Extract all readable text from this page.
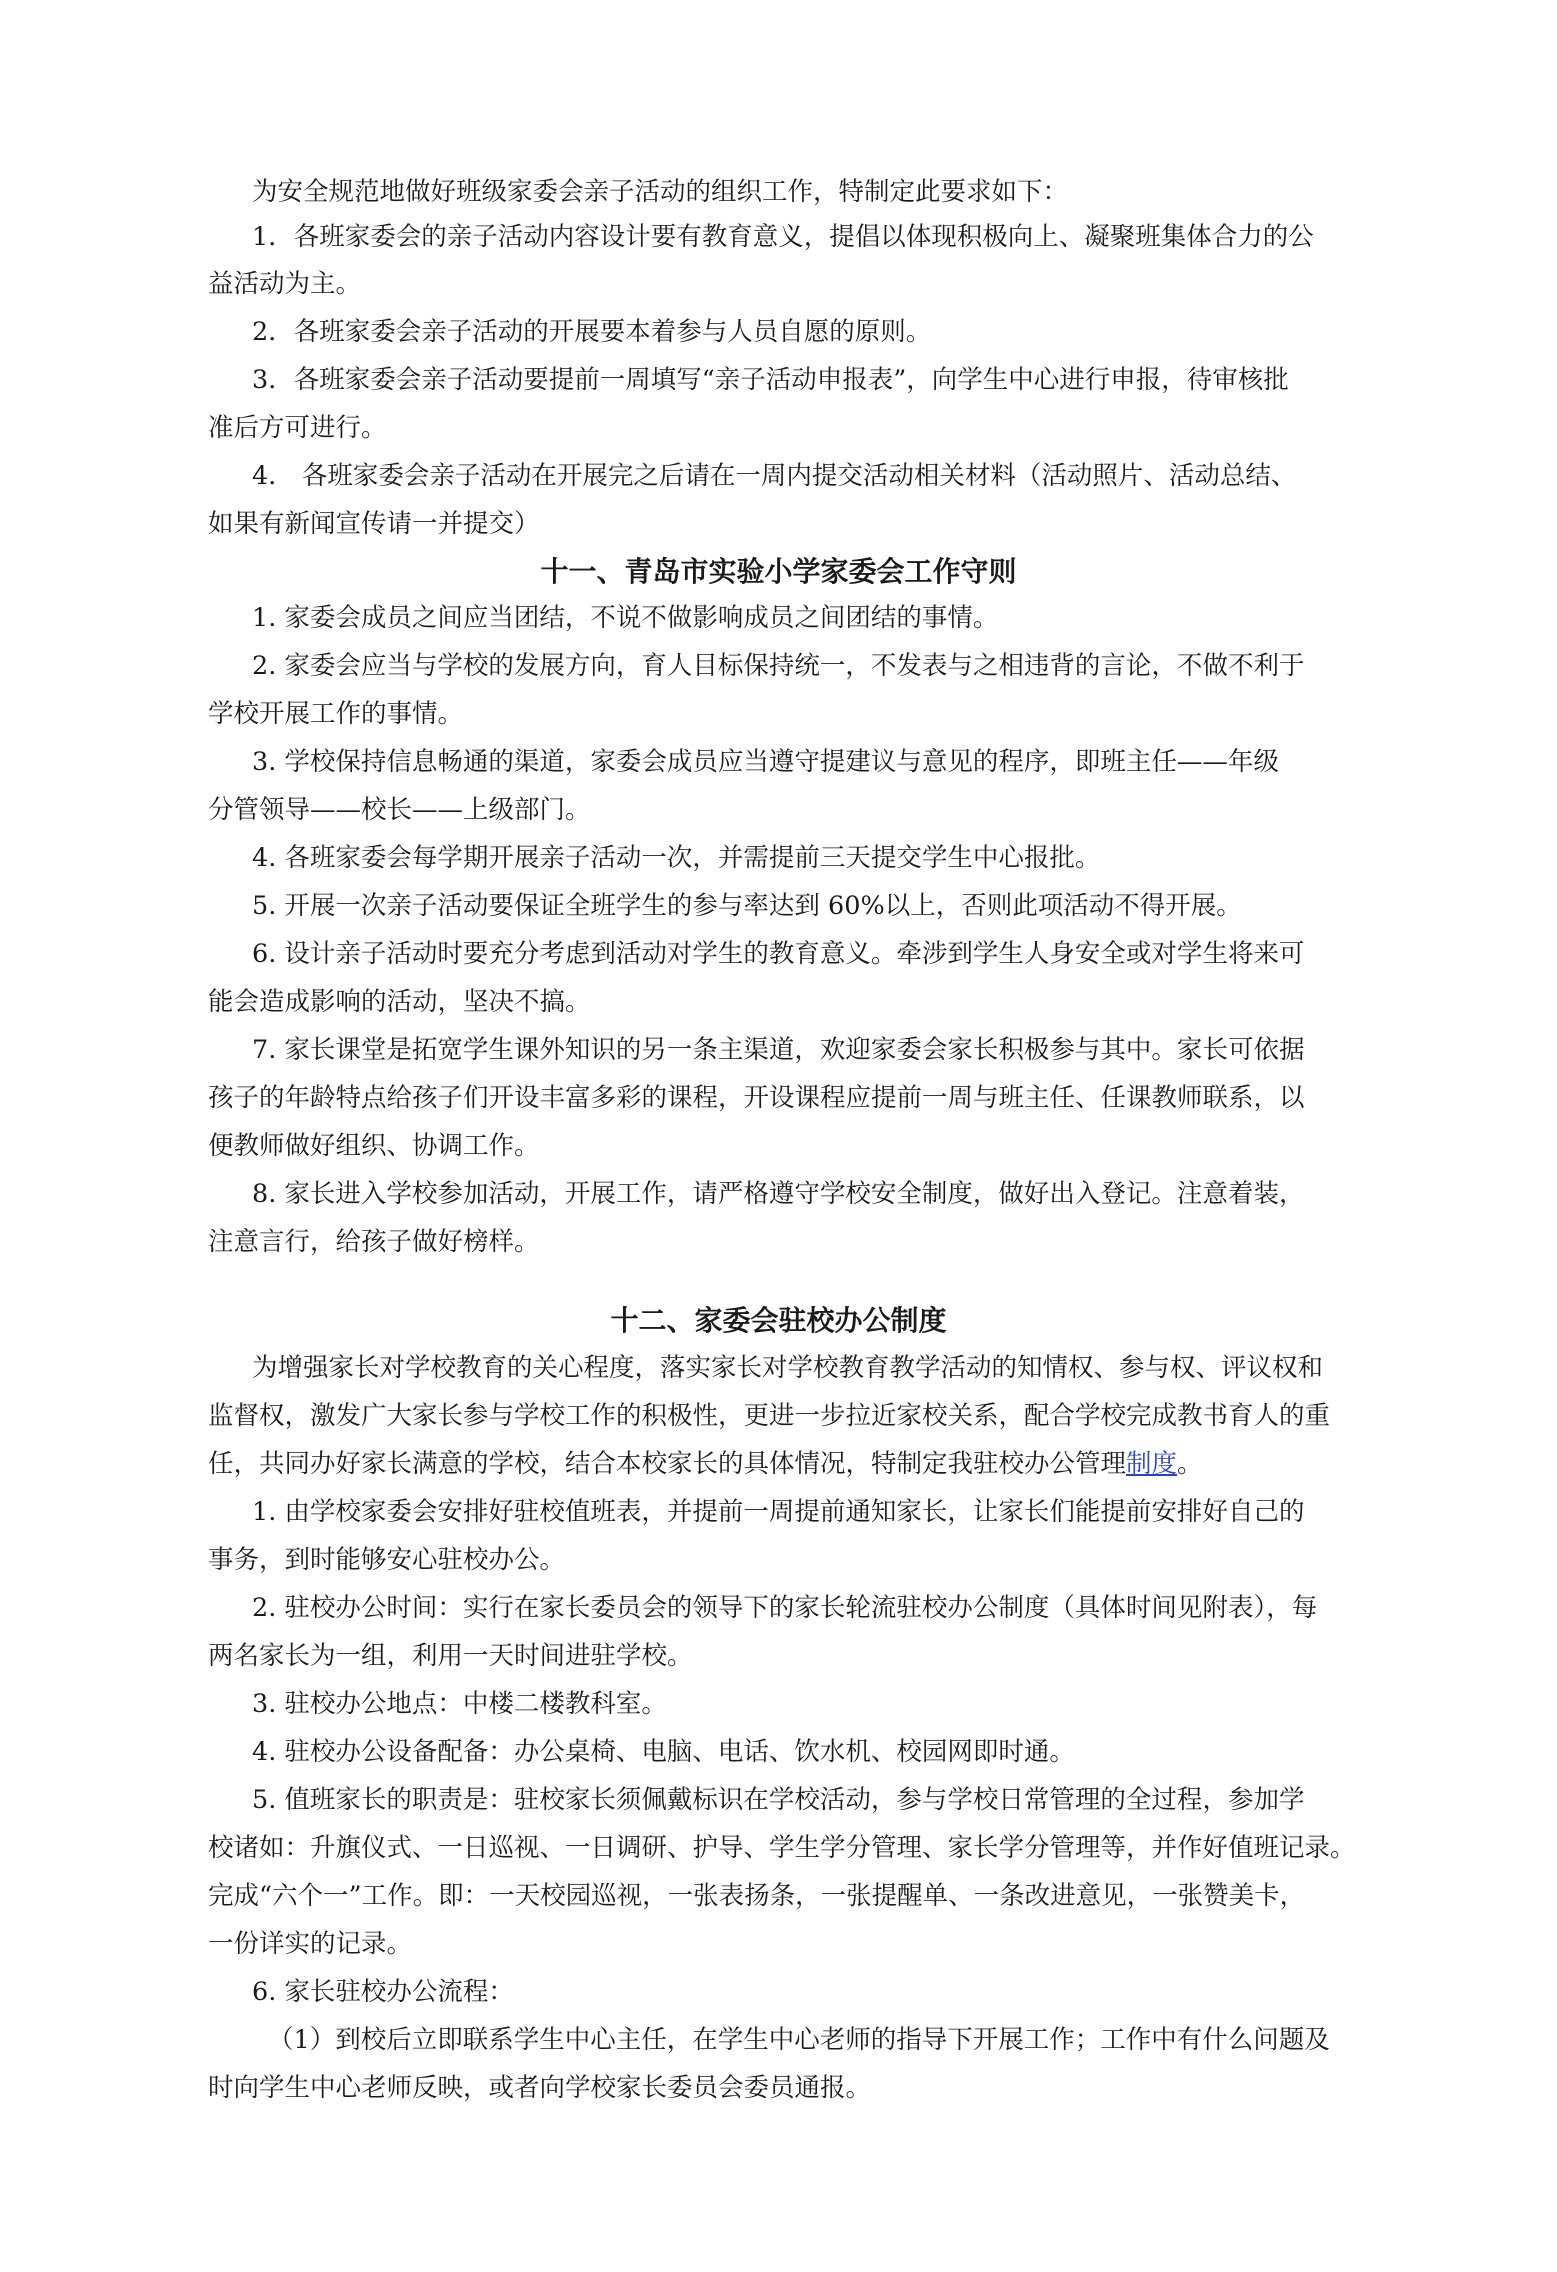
为安全规范地做好班级家委会亲子活动的组织工作，特制定此要求如下：
1．各班家委会的亲子活动内容设计要有教育意义，提倡以体现积极向上、凝聚班集体合力的公
益活动为主。
2．各班家委会亲子活动的开展要本着参与人员自愿的原则。
3．各班家委会亲子活动要提前一周填写“亲子活动申报表”，向学生中心进行申报，待审核批
准后方可进行。
4． 各班家委会亲子活动在开展完之后请在一周内提交活动相关材料（活动照片、活动总结、
如果有新闻宣传请一并提交）
十一、青岛市实验小学家委会工作守则
1. 家委会成员之间应当团结，不说不做影响成员之间团结的事情。
2. 家委会应当与学校的发展方向，育人目标保持统一，不发表与之相违背的言论，不做不利于
学校开展工作的事情。
3. 学校保持信息畅通的渠道，家委会成员应当遵守提建议与意见的程序，即班主任——年级
分管领导——校长——上级部门。
4. 各班家委会每学期开展亲子活动一次，并需提前三天提交学生中心报批。
5. 开展一次亲子活动要保证全班学生的参与率达到 60%以上，否则此项活动不得开展。
6. 设计亲子活动时要充分考虑到活动对学生的教育意义。牵涉到学生人身安全或对学生将来可
能会造成影响的活动，坚决不搞。
7. 家长课堂是拓宽学生课外知识的另一条主渠道，欢迎家委会家长积极参与其中。家长可依据
孩子的年龄特点给孩子们开设丰富多彩的课程，开设课程应提前一周与班主任、任课教师联系，以
便教师做好组织、协调工作。
8. 家长进入学校参加活动，开展工作，请严格遵守学校安全制度，做好出入登记。注意着装，
注意言行，给孩子做好榜样。
十二、家委会驻校办公制度
为增强家长对学校教育的关心程度，落实家长对学校教育教学活动的知情权、参与权、评议权和
监督权，激发广大家长参与学校工作的积极性，更进一步拉近家校关系，配合学校完成教书育人的重
任，共同办好家长满意的学校，结合本校家长的具体情况，特制定我驻校办公管理制度。
1. 由学校家委会安排好驻校值班表，并提前一周提前通知家长，让家长们能提前安排好自己的
事务，到时能够安心驻校办公。
2. 驻校办公时间：实行在家长委员会的领导下的家长轮流驻校办公制度（具体时间见附表），每
两名家长为一组，利用一天时间进驻学校。
3. 驻校办公地点：中楼二楼教科室。
4. 驻校办公设备配备：办公桌椅、电脑、电话、饮水机、校园网即时通。
5. 值班家长的职责是：驻校家长须佩戴标识在学校活动，参与学校日常管理的全过程，参加学
校诸如：升旗仪式、一日巡视、一日调研、护导、学生学分管理、家长学分管理等，并作好值班记录。
完成“六个一”工作。即：一天校园巡视，一张表扬条，一张提醒单、一条改进意见，一张赞美卡，
一份详实的记录。
6. 家长驻校办公流程：
（1）到校后立即联系学生中心主任，在学生中心老师的指导下开展工作；工作中有什么问题及
时向学生中心老师反映，或者向学校家长委员会委员通报。
